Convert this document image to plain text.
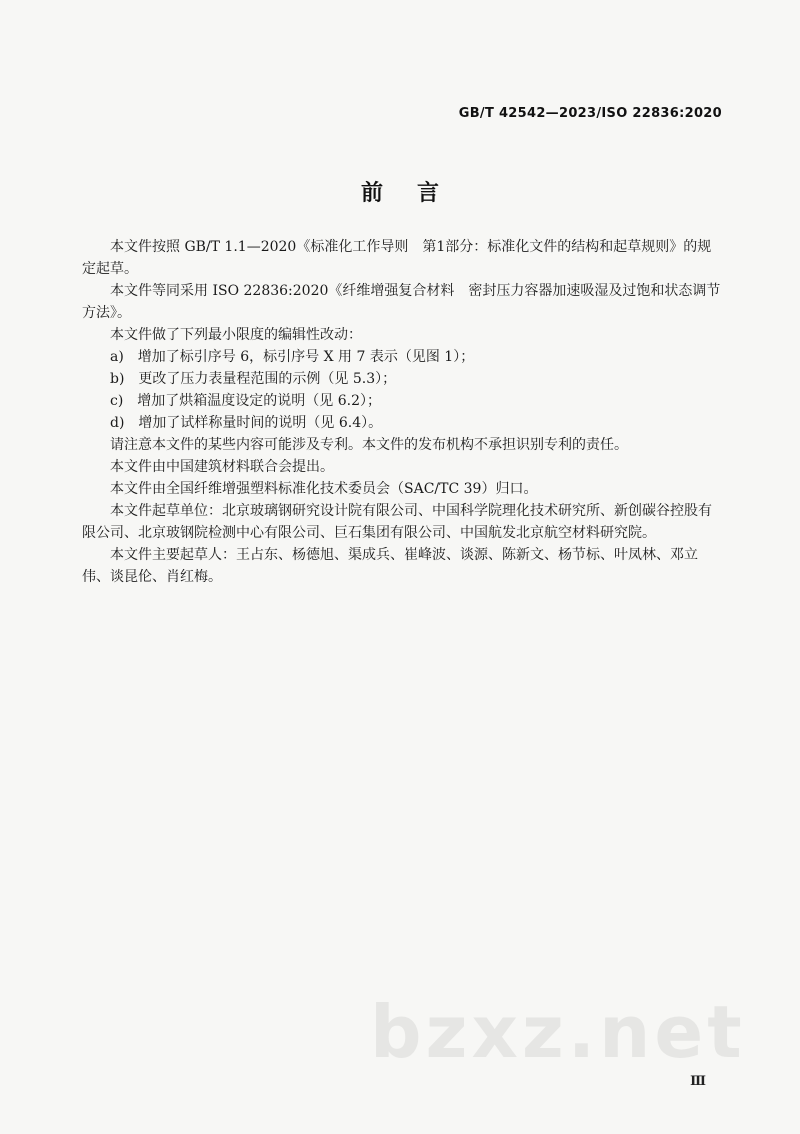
GB/T 42542—2023/ISO 22836:2020
前言

本文件按照 GB/T 1.1—2020《标准化工作导则　第1部分：标准化文件的结构和起草规则》的规定起草。

本文件等同采用 ISO 22836:2020《纤维增强复合材料　密封压力容器加速吸湿及过饱和状态调节方法》。

本文件做了下列最小限度的编辑性改动：

a)　增加了标引序号 6，标引序号 X 用 7 表示（见图 1）；

b)　更改了压力表量程范围的示例（见 5.3）；

c)　增加了烘箱温度设定的说明（见 6.2）；

d)　增加了试样称量时间的说明（见 6.4）。

请注意本文件的某些内容可能涉及专利。本文件的发布机构不承担识别专利的责任。

本文件由中国建筑材料联合会提出。

本文件由全国纤维增强塑料标准化技术委员会（SAC/TC 39）归口。

本文件起草单位：北京玻璃钢研究设计院有限公司、中国科学院理化技术研究所、新创碳谷控股有限公司、北京玻钢院检测中心有限公司、巨石集团有限公司、中国航发北京航空材料研究院。

本文件主要起草人：王占东、杨德旭、渠成兵、崔峰波、谈源、陈新文、杨节标、叶凤林、邓立伟、谈昆伦、肖红梅。

bzxz.net
Ⅲ
